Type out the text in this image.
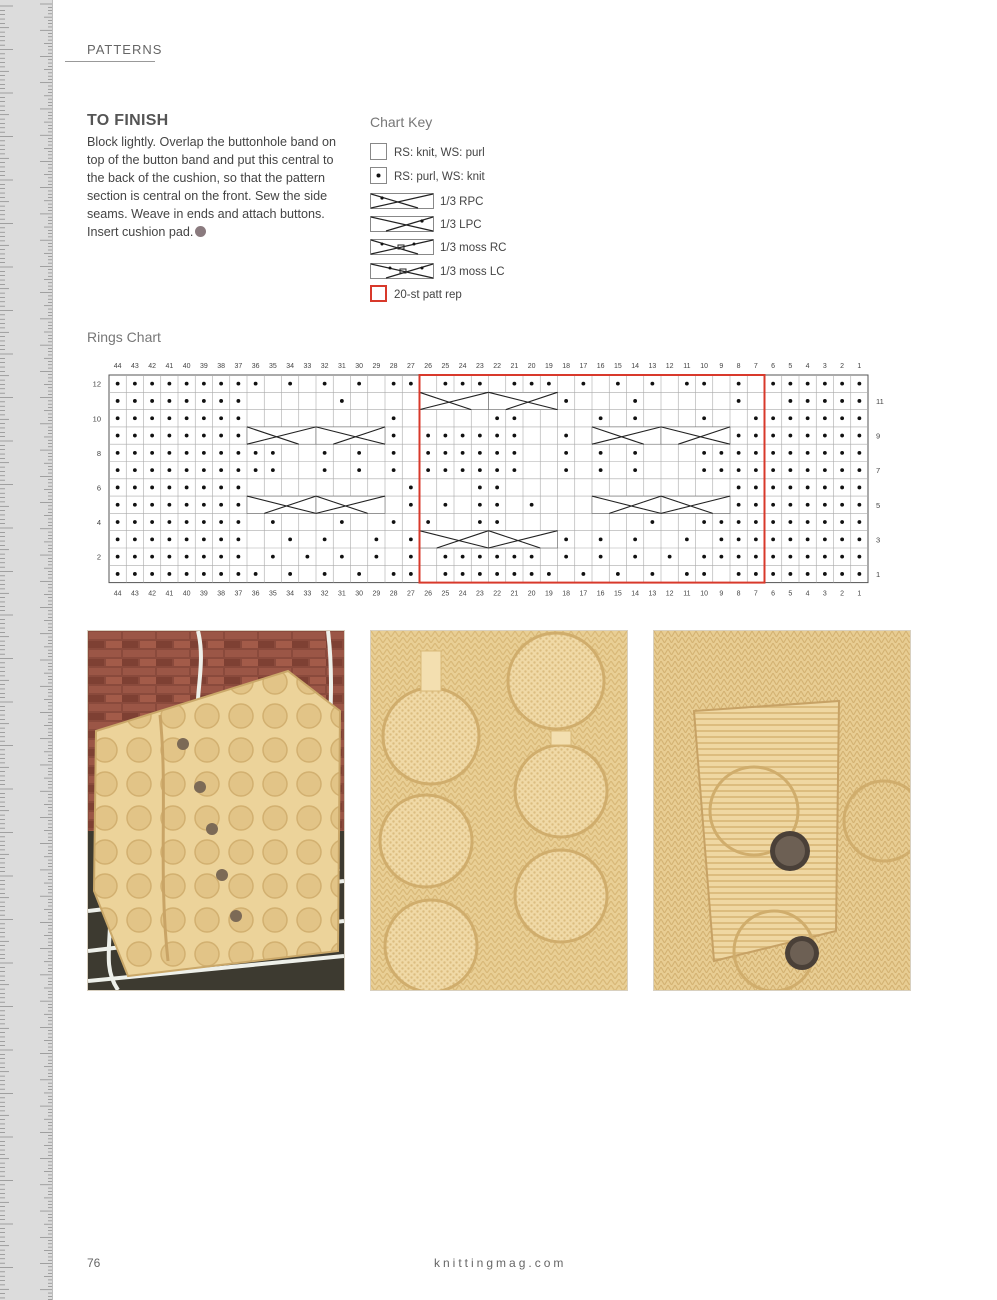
PATTERNS
TO FINISH

Block lightly. Overlap the buttonhole band on top of the button band and put this central to the back of the cushion, so that the pattern section is central on the front. Sew the side seams. Weave in ends and attach buttons. Insert cushion pad.

Chart Key
RS: knit, WS: purl
RS: purl, WS: knit
1/3 RPC
1/3 LPC
1/3 moss RC
1/3 moss LC
20-st patt rep
Rings Chart
44
44
43
43
42
42
41
41
40
40
39
39
38
38
37
37
36
36
35
35
34
34
33
33
32
32
31
31
30
30
29
29
28
28
27
27
26
26
25
25
24
24
23
23
22
22
21
21
20
20
19
19
18
18
17
17
16
16
15
15
14
14
13
13
12
12
11
11
10
10
9
9
8
8
7
7
6
6
5
5
4
4
3
3
2
2
1
1
12
10
8
6
4
2
11
9
7
5
3
1
76	knittingmag.com
